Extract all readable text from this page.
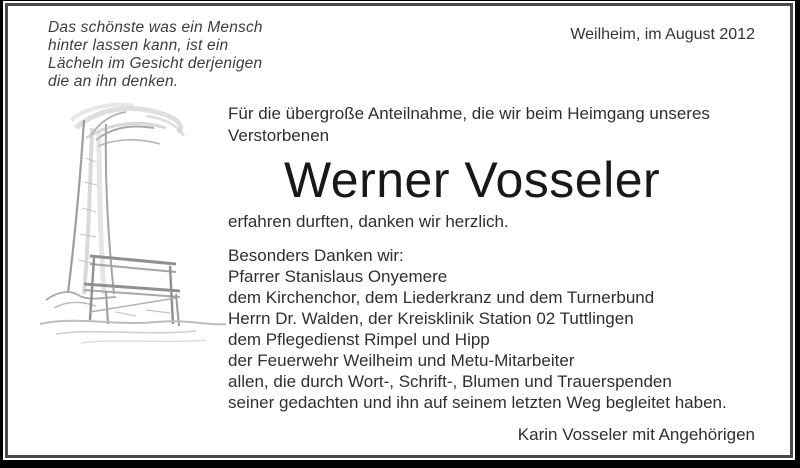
Das schönste was ein Mensch
hinter lassen kann, ist ein
Lächeln im Gesicht derjenigen
die an ihn denken.
Weilheim, im August 2012
Für die übergroße Anteilnahme, die wir beim Heimgang unseres
Verstorbenen
Werner Vosseler
erfahren durften, danken wir herzlich.
Besonders Danken wir:
Pfarrer Stanislaus Onyemere
dem Kirchenchor, dem Liederkranz und dem Turnerbund
Herrn Dr. Walden, der Kreisklinik Station 02 Tuttlingen
dem Pflegedienst Rimpel und Hipp
der Feuerwehr Weilheim und Metu-Mitarbeiter
allen, die durch Wort-, Schrift-, Blumen und Trauerspenden
seiner gedachten und ihn auf seinem letzten Weg begleitet haben.
Karin Vosseler mit Angehörigen
